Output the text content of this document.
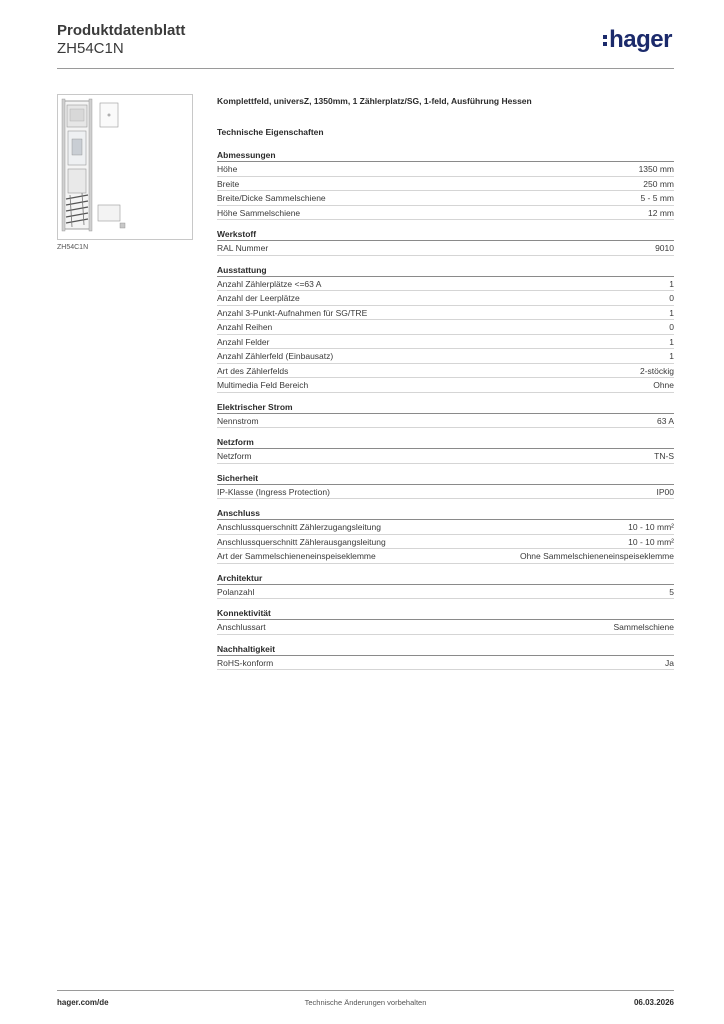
Produktdatenblatt
ZH54C1N	hager
ZH54C1N
Komplettfeld, universZ, 1350mm, 1 Zählerplatz/SG, 1-feld, Ausführung Hessen
Technische Eigenschaften
Abmessungen
Höhe	1350 mm
Breite	250 mm
Breite/Dicke Sammelschiene	5 - 5 mm
Höhe Sammelschiene	12 mm
Werkstoff
RAL Nummer	9010
Ausstattung
Anzahl Zählerplätze <=63 A	1
Anzahl der Leerplätze	0
Anzahl 3-Punkt-Aufnahmen für SG/TRE	1
Anzahl Reihen	0
Anzahl Felder	1
Anzahl Zählerfeld (Einbausatz)	1
Art des Zählerfelds	2-stöckig
Multimedia Feld Bereich	Ohne
Elektrischer Strom
Nennstrom	63 A
Netzform
Netzform	TN-S
Sicherheit
IP-Klasse (Ingress Protection)	IP00
Anschluss
Anschlussquerschnitt Zählerzugangsleitung	10 - 10 mm²
Anschlussquerschnitt Zählerausgangsleitung	10 - 10 mm²
Art der Sammelschieneneinspeiseklemme	Ohne Sammelschieneneinspeiseklemme
Architektur
Polanzahl	5
Konnektivität
Anschlussart	Sammelschiene
Nachhaltigkeit
RoHS-konform	Ja
hager.com/de	Technische Änderungen vorbehalten	06.03.2026
